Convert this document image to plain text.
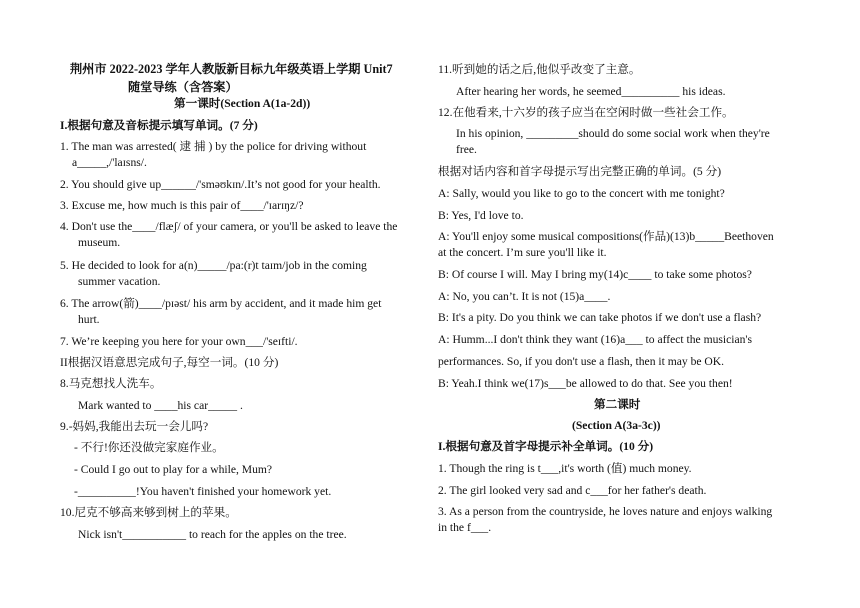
荆州市 2022-2023 学年人教版新目标九年级英语上学期 Unit7
随堂导练（含答案）
第一课时(Section A(1a-2d))
I.根据句意及音标提示填写单词。(7 分)
1. The man was arrested( 逮 捕 ) by the police for driving without
a_____,/'laɪsns/.
2. You should give up______/'sməʊkɪn/.It’s not good for your health.
3. Excuse me, how much is this pair of____/'ɪarɪŋz/?
4. Don't use the____/flæʃ/ of your camera, or you'll be asked to leave the
museum.
5. He decided to look for a(n)_____/pa:(r)t taɪm/job in the coming
summer vacation.
6. The arrow(箭)____/pɪəst/ his arm by accident, and it made him get
hurt.
7. We’re keeping you here for your own___/'seɪfti/.
II根据汉语意思完成句子,每空一词。(10 分)
8.马克想找人洗车。
Mark wanted to ____his car_____ .
9.-妈妈,我能出去玩一会儿吗?
- 不行!你还没做完家庭作业。
- Could I go out to play for a while, Mum?
-__________!You haven't finished your homework yet.
10.尼克不够高来够到树上的苹果。
Nick isn't___________ to reach for the apples on the tree.
11.听到她的话之后,他似乎改变了主意。
After hearing her words, he seemed__________ his ideas.
12.在他看来,十六岁的孩子应当在空闲时做一些社会工作。
In his opinion, _________should do some social work when they're
free.
根据对话内容和首字母提示写出完整正确的单词。(5 分)
A: Sally, would you like to go to the concert with me tonight?
B: Yes, I'd love to.
A: You'll enjoy some musical compositions(作品)(13)b_____Beethoven
at the concert. I’m sure you'll like it.
B: Of course I will. May I bring my(14)c____ to take some photos?
A: No, you can’t. It is not (15)a____.
B: It's a pity. Do you think we can take photos if we don't use a flash?
A: Humm...I don't think they want (16)a___ to affect the musician's
performances. So, if you don't use a flash, then it may be OK.
B: Yeah.I think we(17)s___be allowed to do that. See you then!
第二课时
(Section A(3a-3c))
I.根据句意及首字母提示补全单词。(10 分)
1. Though the ring is t___,it's worth (值) much money.
2. The girl looked very sad and c___for her father's death.
3. As a person from the countryside, he loves nature and enjoys walking
in the f___.
